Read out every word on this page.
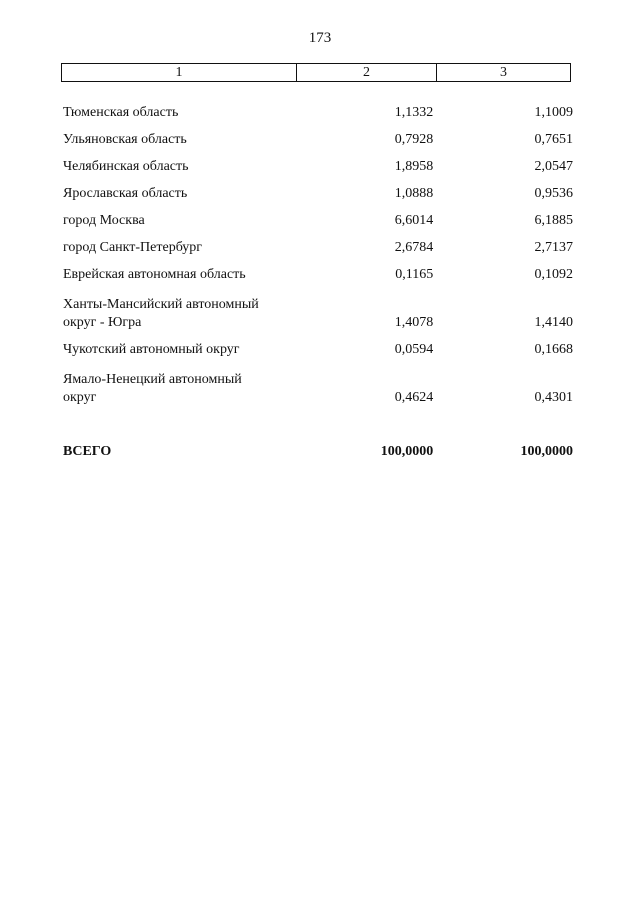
173
1	2	3
Тюменская область	1,1332	1,1009
Ульяновская область	0,7928	0,7651
Челябинская область	1,8958	2,0547
Ярославская область	1,0888	0,9536
город Москва	6,6014	6,1885
город Санкт-Петербург	2,6784	2,7137
Еврейская автономная область	0,1165	0,1092
Ханты-Мансийский автономный
округ - Югра	1,4078	1,4140
Чукотский автономный округ	0,0594	0,1668
Ямало-Ненецкий автономный
округ	0,4624	0,4301
ВСЕГО	100,0000	100,0000
